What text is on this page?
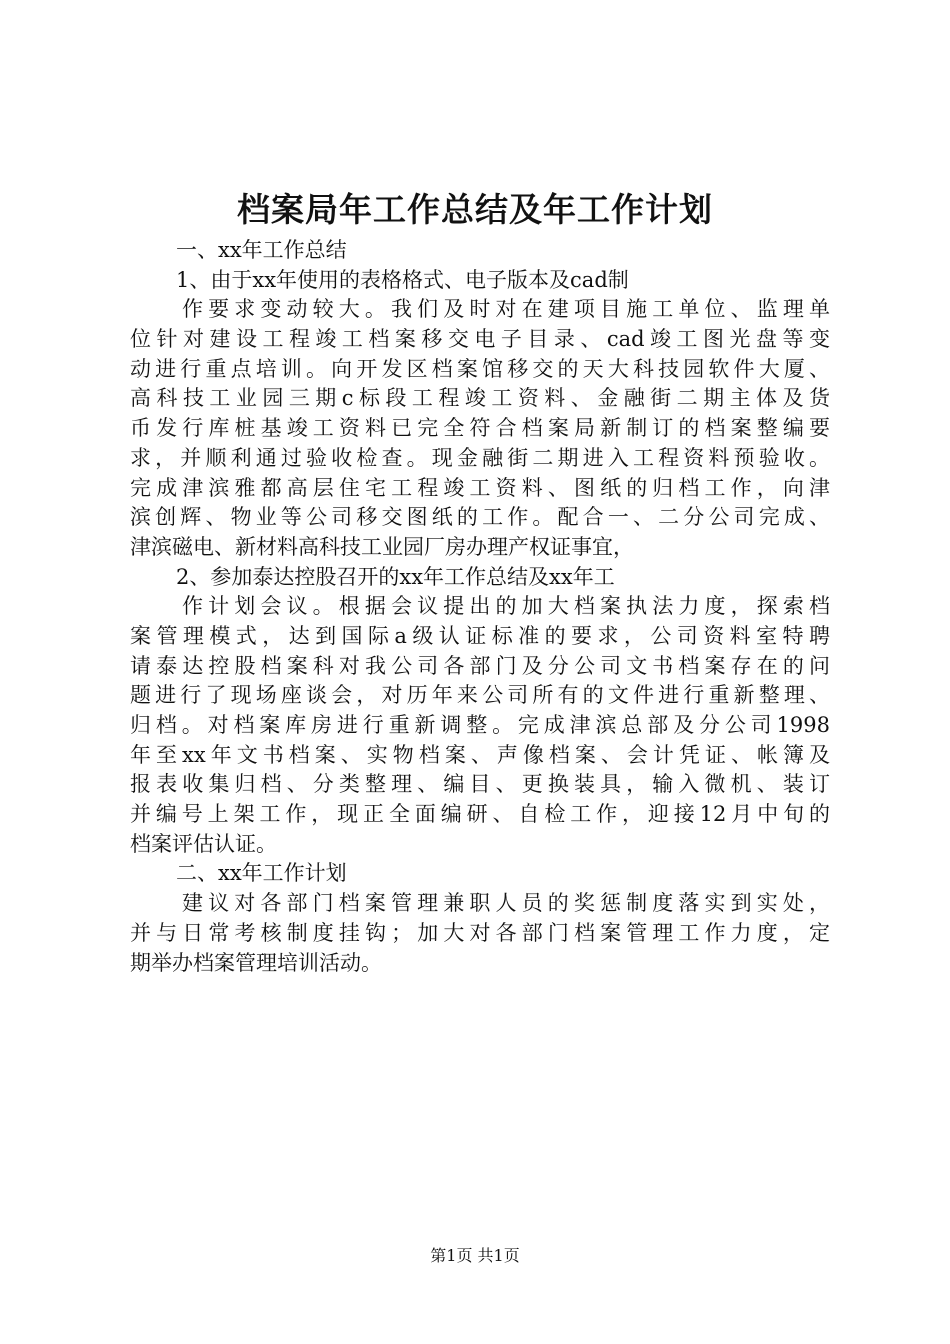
档案局年工作总结及年工作计划
一、xx年工作总结
1、由于xx年使用的表格格式、电子版本及cad制
作要求变动较大。我们及时对在建项目施工单位、监理单
位针对建设工程竣工档案移交电子目录、cad竣工图光盘等变
动进行重点培训。向开发区档案馆移交的天大科技园软件大厦、
高科技工业园三期c标段工程竣工资料、金融街二期主体及货
币发行库桩基竣工资料已完全符合档案局新制订的档案整编要
求，并顺利通过验收检查。现金融街二期进入工程资料预验收。
完成津滨雅都高层住宅工程竣工资料、图纸的归档工作，向津
滨创辉、物业等公司移交图纸的工作。配合一、二分公司完成、
津滨磁电、新材料高科技工业园厂房办理产权证事宜，
2、参加泰达控股召开的xx年工作总结及xx年工
作计划会议。根据会议提出的加大档案执法力度，探索档
案管理模式，达到国际a级认证标准的要求，公司资料室特聘
请泰达控股档案科对我公司各部门及分公司文书档案存在的问
题进行了现场座谈会，对历年来公司所有的文件进行重新整理、
归档。对档案库房进行重新调整。完成津滨总部及分公司1998
年至xx年文书档案、实物档案、声像档案、会计凭证、帐簿及
报表收集归档、分类整理、编目、更换装具，输入微机、装订
并编号上架工作，现正全面编研、自检工作，迎接12月中旬的
档案评估认证。
二、xx年工作计划
建议对各部门档案管理兼职人员的奖惩制度落实到实处，
并与日常考核制度挂钩；加大对各部门档案管理工作力度，定
期举办档案管理培训活动。
第1页 共1页
